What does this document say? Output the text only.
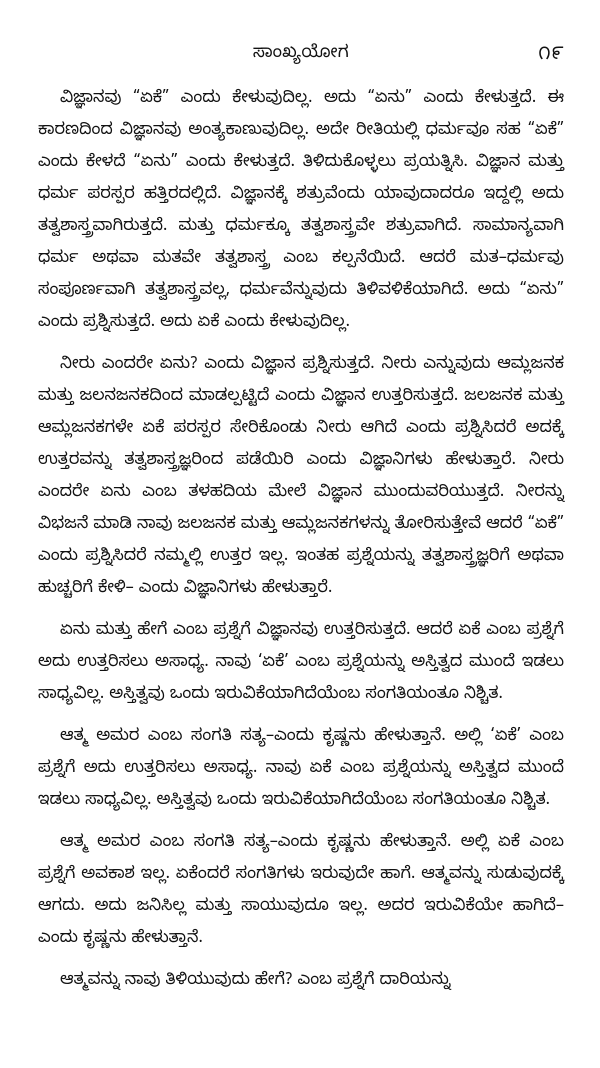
ಸಾಂಖ್ಯಯೋಗ	೧೯

ವಿಜ್ಞಾನವು “ಏಕೆ” ಎಂದು ಕೇಳುವುದಿಲ್ಲ. ಅದು “ಏನು” ಎಂದು ಕೇಳುತ್ತದೆ. ಈ ಕಾರಣದಿಂದ ವಿಜ್ಞಾನವು ಅಂತ್ಯಕಾಣುವುದಿಲ್ಲ. ಅದೇ ರೀತಿಯಲ್ಲಿ ಧರ್ಮವೂ ಸಹ “ಏಕೆ” ಎಂದು ಕೇಳದೆ “ಏನು” ಎಂದು ಕೇಳುತ್ತದೆ. ತಿಳಿದುಕೊಳ್ಳಲು ಪ್ರಯತ್ನಿಸಿ. ವಿಜ್ಞಾನ ಮತ್ತು ಧರ್ಮ ಪರಸ್ಪರ ಹತ್ತಿರದಲ್ಲಿದೆ. ವಿಜ್ಞಾನಕ್ಕೆ ಶತ್ರುವೆಂದು ಯಾವುದಾದರೂ ಇದ್ದಲ್ಲಿ ಅದು ತತ್ವಶಾಸ್ತ್ರವಾಗಿರುತ್ತದೆ. ಮತ್ತು ಧರ್ಮಕ್ಕೂ ತತ್ವಶಾಸ್ತ್ರವೇ ಶತ್ರುವಾಗಿದೆ. ಸಾಮಾನ್ಯವಾಗಿ ಧರ್ಮ ಅಥವಾ ಮತವೇ ತತ್ವಶಾಸ್ತ್ರ ಎಂಬ ಕಲ್ಪನೆಯಿದೆ. ಆದರೆ ಮತ–ಧರ್ಮವು ಸಂಪೂರ್ಣವಾಗಿ ತತ್ವಶಾಸ್ತ್ರವಲ್ಲ, ಧರ್ಮವೆನ್ನುವುದು ತಿಳಿವಳಿಕೆಯಾಗಿದೆ. ಅದು “ಏನು” ಎಂದು ಪ್ರಶ್ನಿಸುತ್ತದೆ. ಅದು ಏಕೆ ಎಂದು ಕೇಳುವುದಿಲ್ಲ.

ನೀರು ಎಂದರೇ ಏನು? ಎಂದು ವಿಜ್ಞಾನ ಪ್ರಶ್ನಿಸುತ್ತದೆ. ನೀರು ಎನ್ನುವುದು ಆಮ್ಲಜನಕ ಮತ್ತು ಜಲನಜನಕದಿಂದ ಮಾಡಲ್ಪಟ್ಟಿದೆ ಎಂದು ವಿಜ್ಞಾನ ಉತ್ತರಿಸುತ್ತದೆ. ಜಲಜನಕ ಮತ್ತು ಆಮ್ಲಜನಕಗಳೇ ಏಕೆ ಪರಸ್ಪರ ಸೇರಿಕೊಂಡು ನೀರು ಆಗಿದೆ ಎಂದು ಪ್ರಶ್ನಿಸಿದರೆ ಅದಕ್ಕೆ ಉತ್ತರವನ್ನು ತತ್ವಶಾಸ್ತ್ರಜ್ಞರಿಂದ ಪಡೆಯಿರಿ ಎಂದು ವಿಜ್ಞಾನಿಗಳು ಹೇಳುತ್ತಾರೆ. ನೀರು ಎಂದರೇ ಏನು ಎಂಬ ತಳಹದಿಯ ಮೇಲೆ ವಿಜ್ಞಾನ ಮುಂದುವರಿಯುತ್ತದೆ. ನೀರನ್ನು ವಿಭಜನೆ ಮಾಡಿ ನಾವು ಜಲಜನಕ ಮತ್ತು ಆಮ್ಲಜನಕಗಳನ್ನು ತೋರಿಸುತ್ತೇವೆ ಆದರೆ “ಏಕೆ” ಎಂದು ಪ್ರಶ್ನಿಸಿದರೆ ನಮ್ಮಲ್ಲಿ ಉತ್ತರ ಇಲ್ಲ. ಇಂತಹ ಪ್ರಶ್ನೆಯನ್ನು ತತ್ವಶಾಸ್ತ್ರಜ್ಞರಿಗೆ ಅಥವಾ ಹುಚ್ಚರಿಗೆ ಕೇಳಿ– ಎಂದು ವಿಜ್ಞಾನಿಗಳು ಹೇಳುತ್ತಾರೆ.

ಏನು ಮತ್ತು ಹೇಗೆ ಎಂಬ ಪ್ರಶ್ನೆಗೆ ವಿಜ್ಞಾನವು ಉತ್ತರಿಸುತ್ತದೆ. ಆದರೆ ಏಕೆ ಎಂಬ ಪ್ರಶ್ನೆಗೆ ಅದು ಉತ್ತರಿಸಲು ಅಸಾಧ್ಯ. ನಾವು ‘ಏಕೆ’ ಎಂಬ ಪ್ರಶ್ನೆಯನ್ನು ಅಸ್ತಿತ್ವದ ಮುಂದೆ ಇಡಲು ಸಾಧ್ಯವಿಲ್ಲ. ಅಸ್ತಿತ್ವವು ಒಂದು ಇರುವಿಕೆಯಾಗಿದೆಯೆಂಬ ಸಂಗತಿಯಂತೂ ನಿಶ್ಚಿತ.

ಆತ್ಮ ಅಮರ ಎಂಬ ಸಂಗತಿ ಸತ್ಯ–ಎಂದು ಕೃಷ್ಣನು ಹೇಳುತ್ತಾನೆ. ಅಲ್ಲಿ ‘ಏಕೆ’ ಎಂಬ ಪ್ರಶ್ನೆಗೆ ಅದು ಉತ್ತರಿಸಲು ಅಸಾಧ್ಯ. ನಾವು ಏಕೆ ಎಂಬ ಪ್ರಶ್ನೆಯನ್ನು ಅಸ್ತಿತ್ವದ ಮುಂದೆ ಇಡಲು ಸಾಧ್ಯವಿಲ್ಲ. ಅಸ್ತಿತ್ವವು ಒಂದು ಇರುವಿಕೆಯಾಗಿದೆಯೆಂಬ ಸಂಗತಿಯಂತೂ ನಿಶ್ಚಿತ.

ಆತ್ಮ ಅಮರ ಎಂಬ ಸಂಗತಿ ಸತ್ಯ–ಎಂದು ಕೃಷ್ಣನು ಹೇಳುತ್ತಾನೆ. ಅಲ್ಲಿ ಏಕೆ ಎಂಬ ಪ್ರಶ್ನೆಗೆ ಅವಕಾಶ ಇಲ್ಲ. ಏಕೆಂದರೆ ಸಂಗತಿಗಳು ಇರುವುದೇ ಹಾಗೆ. ಆತ್ಮವನ್ನು ಸುಡುವುದಕ್ಕೆ ಆಗದು. ಅದು ಜನಿಸಿಲ್ಲ ಮತ್ತು ಸಾಯುವುದೂ ಇಲ್ಲ. ಅದರ ಇರುವಿಕೆಯೇ ಹಾಗಿದೆ–ಎಂದು ಕೃಷ್ಣನು ಹೇಳುತ್ತಾನೆ.

ಆತ್ಮವನ್ನು ನಾವು ತಿಳಿಯುವುದು ಹೇಗೆ? ಎಂಬ ಪ್ರಶ್ನೆಗೆ ದಾರಿಯನ್ನು
